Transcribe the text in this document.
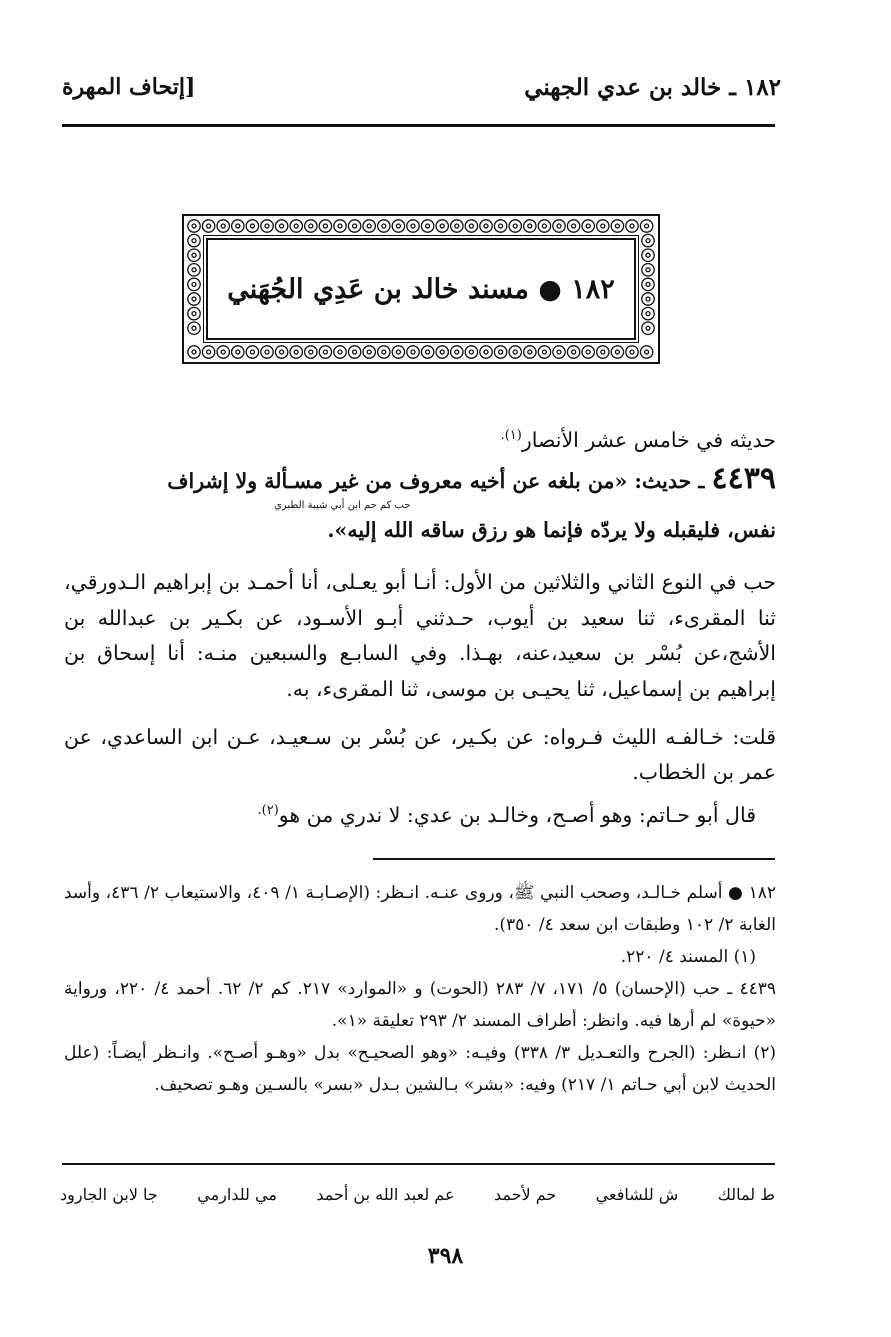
١٨٢ ـ خالد بن عدي الجهني
[إتحاف المهرة
١٨٢ ● مسند خالد بن عَدِي الجُهَني
حديثه في خامس عشر الأنصار$^{(١).}$
٤٤٣٩ ـ حديث: «من بلغه عن أخيه معروف من غير مسـألة ولا إشراف
حب كم حم ابن أبي شيبة الطبري
نفس، فليقبله ولا يردّه فإنما هو رزق ساقه الله إليه».
حب في النوع الثاني والثلاثين من الأول: أنـا أبو يعـلى، أنا أحمـد بن إبراهيم الـدورقي، ثنا المقرىء، ثنا سعيد بن أيوب، حـدثني أبـو الأسـود، عن بكـير بن عبدالله بن الأشج،عن بُسْر بن سعيد،عنه، بهـذا. وفي السابـع والسبعين منـه: أنا إسحاق بن إبراهيم بن إسماعيل، ثنا يحيـى بن موسى، ثنا المقرىء، به.
قلت: خـالفـه الليث فـرواه: عن بكـير، عن بُسْر بن سـعيـد، عـن ابن الساعدي، عن عمر بن الخطاب.
قال أبو حـاتم: وهو أصـح، وخالـد بن عدي: لا ندري من هو$^{(٢).}$
١٨٢ ● أسلم خـالـد، وصحب النبي ﷺ، وروى عنـه. انـظر: (الإصـابـة ١/ ٤٠٩، والاستيعاب ٢/ ٤٣٦، وأسد الغابة ٢/ ١٠٢ وطبقات ابن سعد ٤/ ٣٥٠).
(١) المسند ٤/ ٢٢٠.
٤٤٣٩ ـ حب (الإحسان) ٥/ ١٧١، ٧/ ٢٨٣ (الحوت) و «الموارد» ٢١٧. كم ٢/ ٦٢. أحمد ٤/ ٢٢٠، ورواية «حيوة» لم أرها فيه. وانظر: أطراف المسند ٢/ ٢٩٣ تعليقة «١».
(٢) انـظر: (الجرح والتعـديل ٣/ ٣٣٨) وفيـه: «وهو الصحيـح» بدل «وهـو أصـح». وانـظر أيضـاً: (علل الحديث لابن أبي حـاتم ١/ ٢١٧) وفيه: «بشر» بـالشين بـدل «بسر» بالسـين وهـو تصحيف.
ط لمالك
ش للشافعي
حم لأحمد
عم لعبد الله بن أحمد
مي للدارمي
جا لابن الجارود
٣٩٨
